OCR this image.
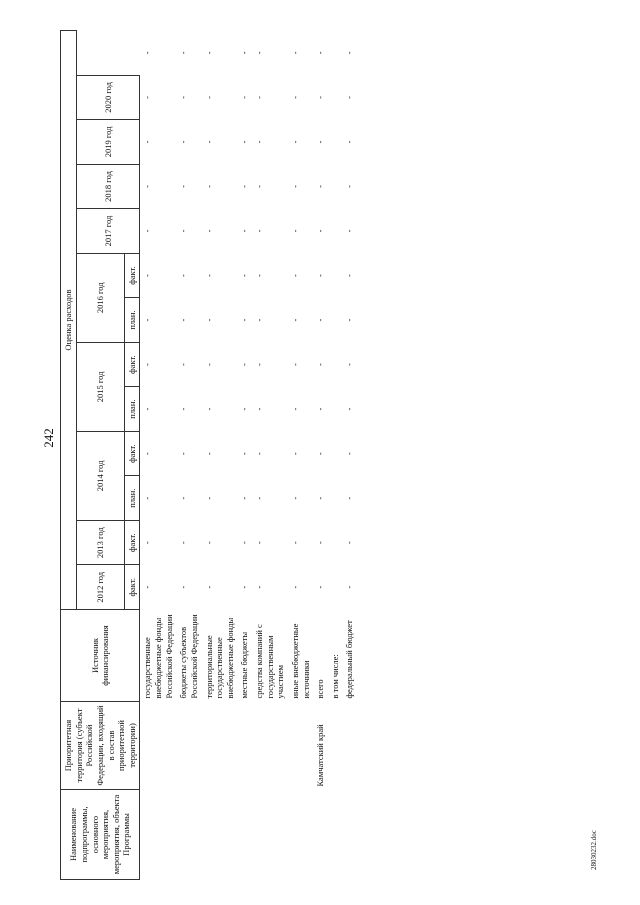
242
28030232.doc
Наименование подпрограммы, основного мероприятия, мероприятия, объекта Программы	Приоритетная территория (субъект Российской Федерации, входящий в состав приоритетной территории)	Источник финансирования	Оценка расходов												
			2012 год	2013 год	2014 год		2015 год		2016 год		2017 год	2018 год	2019 год	2020 год	
			факт.	факт.	план.	факт.	план.	факт.	план.	факт.					
		государственные внебюджетные фонды Российской Федерации	-	-	-	-	-	-	-	-	-	-	-	-	-
		бюджеты субъектов Российской Федерации	-	-	-	-	-	-	-	-	-	-	-	-	-
		территориальные государственные внебюджетные фонды	-	-	-	-	-	-	-	-	-	-	-	-	-
		местные бюджеты	-	-	-	-	-	-	-	-	-	-	-	-	-
		средства компаний с государственным участием	-	-	-	-	-	-	-	-	-	-	-	-	-
		иные внебюджетные источники	-	-	-	-	-	-	-	-	-	-	-	-	-
	Камчатский край	всего	-	-	-	-	-	-	-	-	-	-	-	-	-
		в том числе:													
		федеральный бюджет	-	-	-	-	-	-	-	-	-	-	-	-	-
